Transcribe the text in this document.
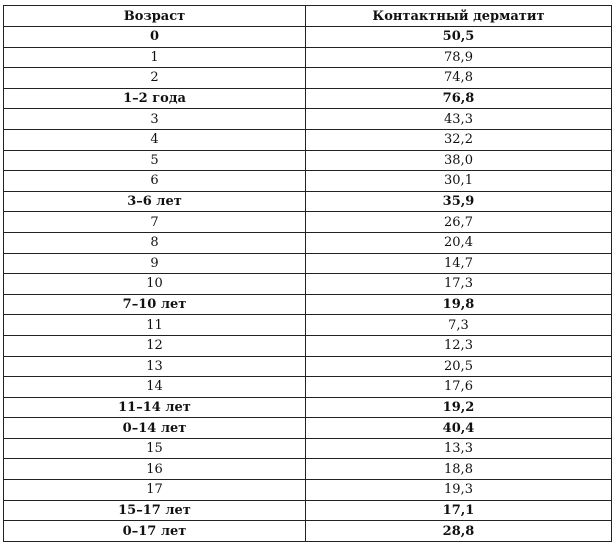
Возраст	Контактный дерматит
0	50,5
1	78,9
2	74,8
1–2 года	76,8
3	43,3
4	32,2
5	38,0
6	30,1
3–6 лет	35,9
7	26,7
8	20,4
9	14,7
10	17,3
7–10 лет	19,8
11	7,3
12	12,3
13	20,5
14	17,6
11–14 лет	19,2
0–14 лет	40,4
15	13,3
16	18,8
17	19,3
15–17 лет	17,1
0–17 лет	28,8
